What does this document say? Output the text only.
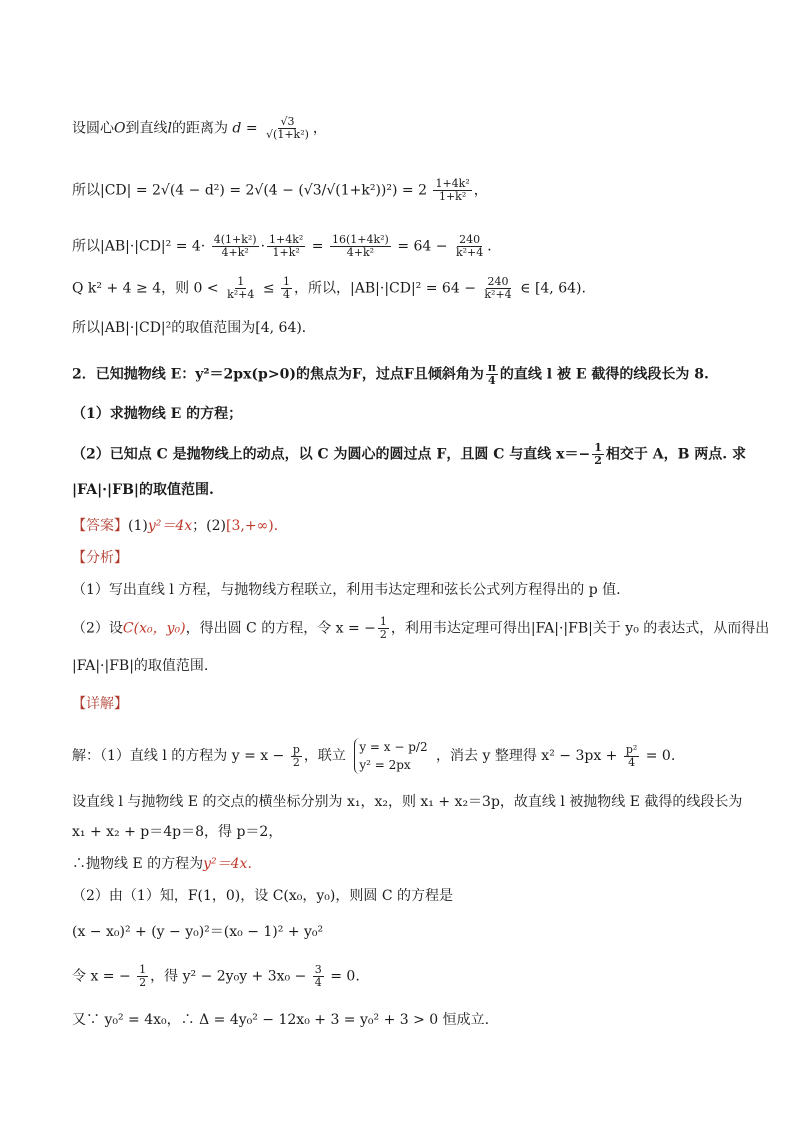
设圆心O到直线l的距离为 $d = \frac{√3}{\text{√(1+k²)}}$ ，
所以$|CD| = 2√(4 - d^2) = 2√(4 - (√3/√(1+k^2))^2) = 2 \frac{\text{1+4k²}}{\text{1+k²}}$ ，
所以$|AB|\cdot|CD|^2 = 4\cdot \frac{\text{4(1+k²)}}{\text{4+k²}} \cdot \frac{\text{1+4k²}}{\text{1+k²}} = \frac{\text{16(1+4k²)}}{\text{4+k²}} = 64 - \frac{240}{\text{k²+4}}$ ．
Q k² + 4 ≥ 4，则 $0 < \frac{1}{\text{k²+4}} \le \frac{1}{4}$ ，所以，$|AB|\cdot|CD|^2 = 64 - \frac{240}{\text{k²+4}}$ ∈ [4, 64).
所以|AB|·|CD|²的取值范围为[4, 64)．
2．已知抛物线 E：y²＝2px(p>0)的焦点为F，过点F且倾斜角为 $\frac{\pi}{4}$ 的直线 l 被 E 截得的线段长为 8.
（1）求抛物线 E 的方程；
（2）已知点 C 是抛物线上的动点，以 C 为圆心的圆过点 F，且圆 C 与直线 $x=- \frac{1}{2}$ 相交于 A，B 两点. 求
|FA|·|FB|的取值范围.
【答案】(1)y²＝4x；(2)[3,+∞)．
【分析】
（1）写出直线 l 方程，与抛物线方程联立，利用韦达定理和弦长公式列方程得出的 p 值.
（2）设C(x₀，y₀)，得出圆 C 的方程，令 x = − $\frac{1}{2}$ ，利用韦达定理可得出|FA|·|FB|关于 y₀ 的表达式，从而得出
|FA|·|FB|的取值范围.
【详解】
解：（1）直线 l 的方程为 $y = x - \frac{p}{2}$ ，联立
y = x − p/2
y² = 2px
，消去 y 整理得 $x^2 - 3px + \frac{\text{p²}}{4} = 0$.
设直线 l 与抛物线 E 的交点的横坐标分别为 x₁，x₂，则 x₁ + x₂＝3p，故直线 l 被抛物线 E 截得的线段长为
x₁ + x₂ + p＝4p＝8，得 p＝2，
∴抛物线 E 的方程为y²＝4x.
（2）由（1）知，F(1，0)，设 C(x₀，y₀)，则圆 C 的方程是
(x − x₀)² + (y − y₀)²＝(x₀ − 1)² + y₀²
令 x = − $\frac{1}{2}$ ，得 $y^2 - 2y_0y + 3x_0 - \frac{3}{4} = 0$.
又∵ y₀² = 4x₀，∴ Δ = 4y₀² − 12x₀ + 3 = y₀² + 3 > 0 恒成立.
